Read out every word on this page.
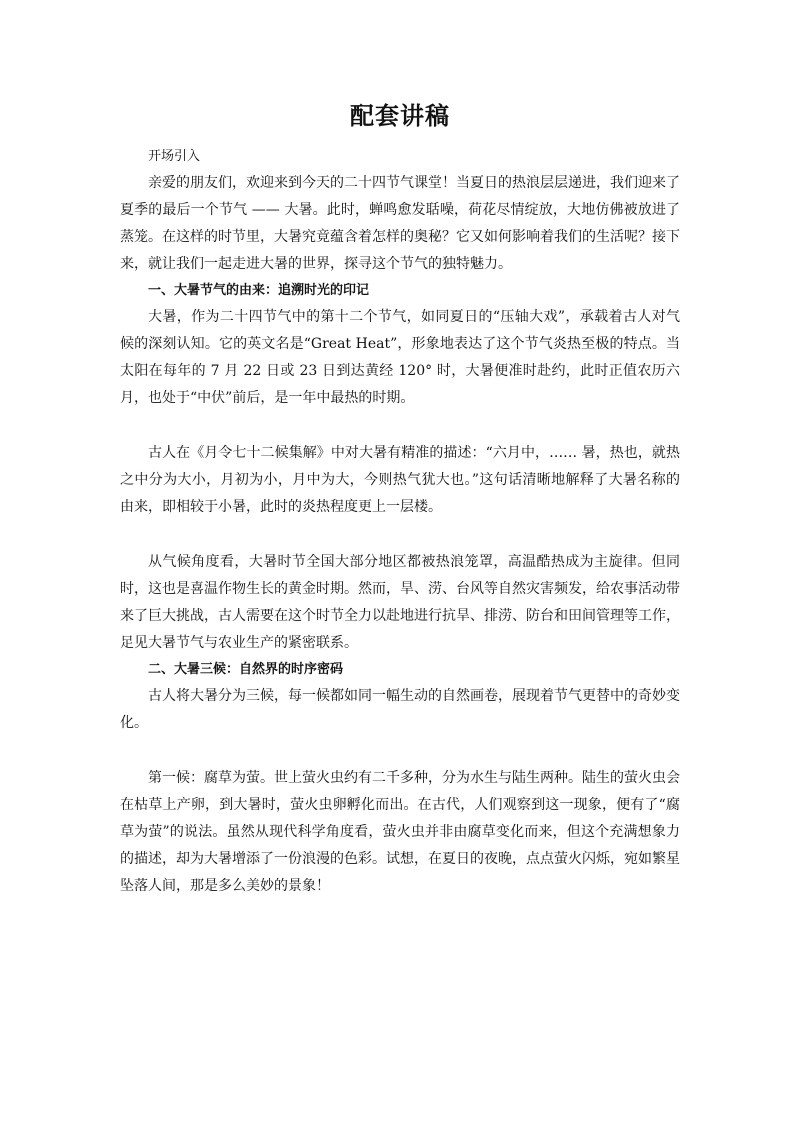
配套讲稿

开场引入

亲爱的朋友们，欢迎来到今天的二十四节气课堂！当夏日的热浪层层递进，我们迎来了夏季的最后一个节气 —— 大暑。此时，蝉鸣愈发聒噪，荷花尽情绽放，大地仿佛被放进了蒸笼。在这样的时节里，大暑究竟蕴含着怎样的奥秘？它又如何影响着我们的生活呢？接下来，就让我们一起走进大暑的世界，探寻这个节气的独特魅力。

一、大暑节气的由来：追溯时光的印记

大暑，作为二十四节气中的第十二个节气，如同夏日的“压轴大戏”，承载着古人对气候的深刻认知。它的英文名是“Great Heat”，形象地表达了这个节气炎热至极的特点。当太阳在每年的 7 月 22 日或 23 日到达黄经 120° 时，大暑便准时赴约，此时正值农历六月，也处于“中伏”前后，是一年中最热的时期。

古人在《月令七十二候集解》中对大暑有精准的描述：“六月中，…… 暑，热也，就热之中分为大小，月初为小，月中为大，今则热气犹大也。”这句话清晰地解释了大暑名称的由来，即相较于小暑，此时的炎热程度更上一层楼。

从气候角度看，大暑时节全国大部分地区都被热浪笼罩，高温酷热成为主旋律。但同时，这也是喜温作物生长的黄金时期。然而，旱、涝、台风等自然灾害频发，给农事活动带来了巨大挑战，古人需要在这个时节全力以赴地进行抗旱、排涝、防台和田间管理等工作，足见大暑节气与农业生产的紧密联系。

二、大暑三候：自然界的时序密码

古人将大暑分为三候，每一候都如同一幅生动的自然画卷，展现着节气更替中的奇妙变化。

第一候：腐草为萤。世上萤火虫约有二千多种，分为水生与陆生两种。陆生的萤火虫会在枯草上产卵，到大暑时，萤火虫卵孵化而出。在古代，人们观察到这一现象，便有了“腐草为萤”的说法。虽然从现代科学角度看，萤火虫并非由腐草变化而来，但这个充满想象力的描述，却为大暑增添了一份浪漫的色彩。试想，在夏日的夜晚，点点萤火闪烁，宛如繁星坠落人间，那是多么美妙的景象！
